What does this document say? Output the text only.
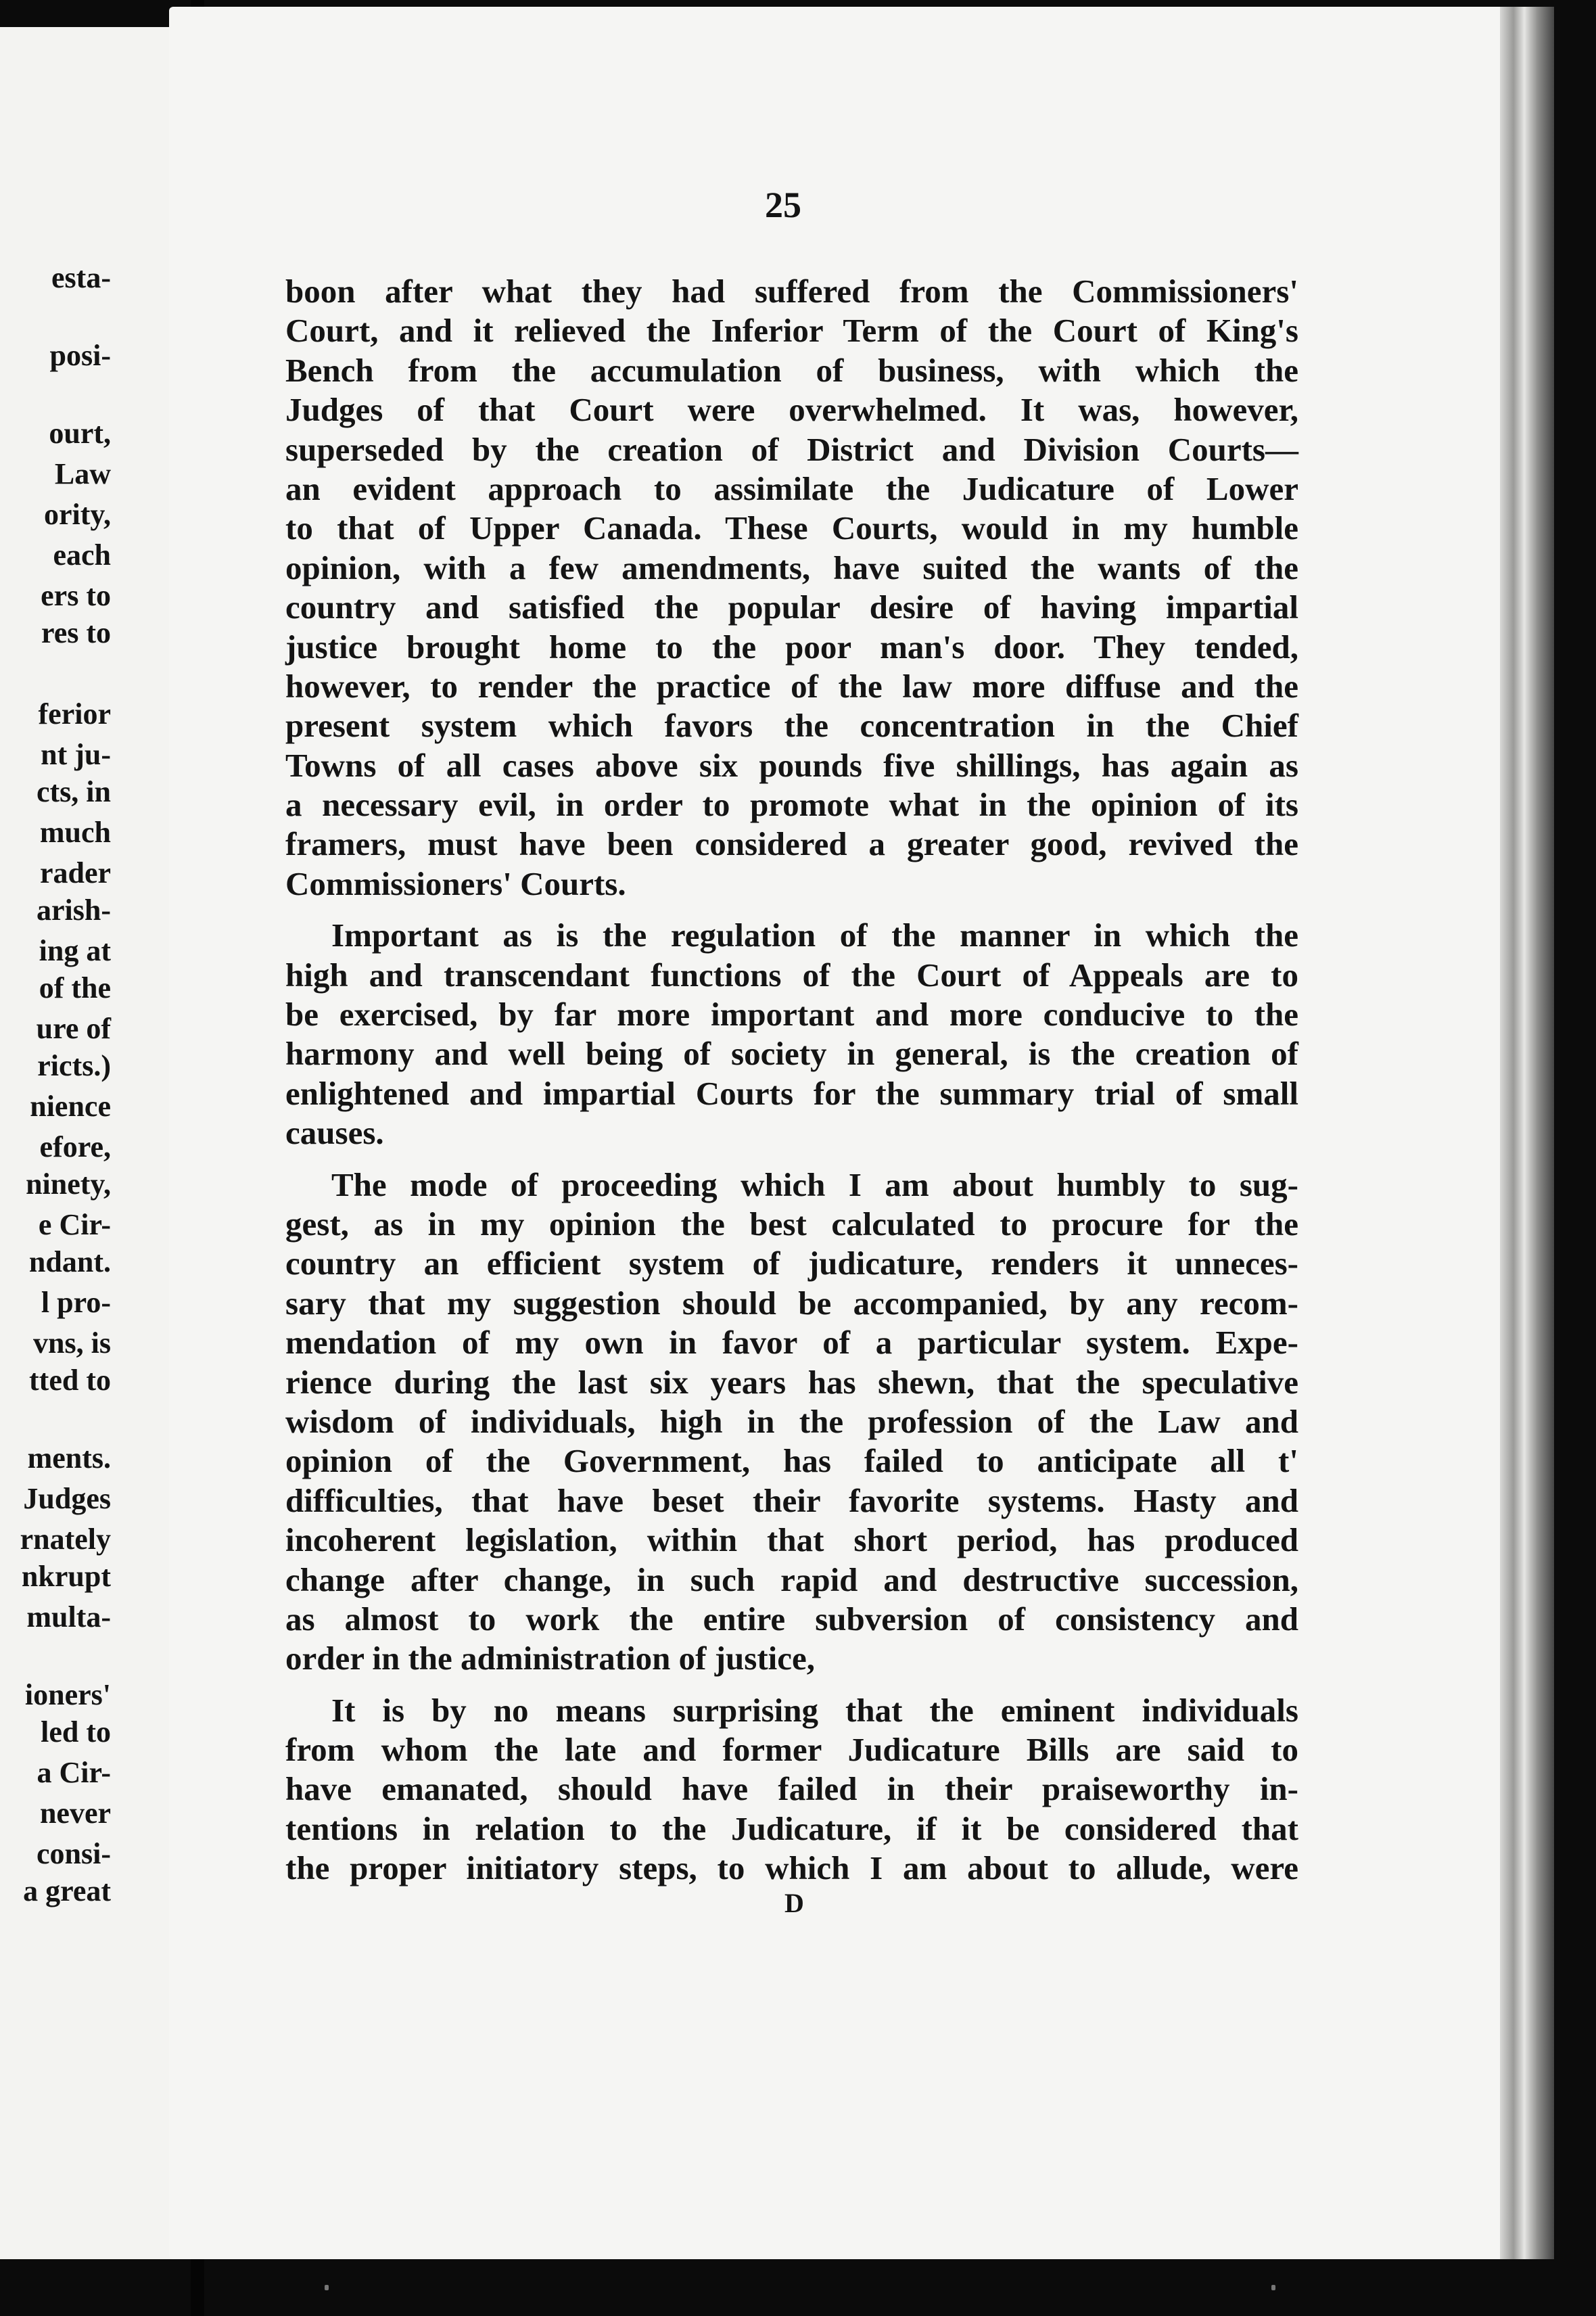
esta-
posi-
ourt,
Law
ority,
each
ers to
res to
ferior
nt ju-
cts, in
much
rader
arish-
ing at
of the
ure of
ricts.)
nience
efore,
ninety,
e Cir-
ndant.
l pro-
vns, is
tted to
ments.
Judges
rnately
nkrupt
multa-
ioners'
led to
a Cir-
never
consi-
a great
25
boon after what they had suffered from the Commissioners'
Court, and it relieved the Inferior Term of the Court of King's
Bench from the accumulation of business, with which the
Judges of that Court were overwhelmed. It was, however,
superseded by the creation of District and Division Courts—
an evident approach to assimilate the Judicature of Lower
to that of Upper Canada. These Courts, would in my humble
opinion, with a few amendments, have suited the wants of the
country and satisfied the popular desire of having impartial
justice brought home to the poor man's door. They tended,
however, to render the practice of the law more diffuse and the
present system which favors the concentration in the Chief
Towns of all cases above six pounds five shillings, has again as
a necessary evil, in order to promote what in the opinion of its
framers, must have been considered a greater good, revived the
Commissioners' Courts.
Important as is the regulation of the manner in which the
high and transcendant functions of the Court of Appeals are to
be exercised, by far more important and more conducive to the
harmony and well being of society in general, is the creation of
enlightened and impartial Courts for the summary trial of small
causes.
The mode of proceeding which I am about humbly to sug-
gest, as in my opinion the best calculated to procure for the
country an efficient system of judicature, renders it unneces-
sary that my suggestion should be accompanied, by any recom-
mendation of my own in favor of a particular system. Expe-
rience during the last six years has shewn, that the speculative
wisdom of individuals, high in the profession of the Law and
opinion of the Government, has failed to anticipate all t'
difficulties, that have beset their favorite systems. Hasty and
incoherent legislation, within that short period, has produced
change after change, in such rapid and destructive succession,
as almost to work the entire subversion of consistency and
order in the administration of justice,
It is by no means surprising that the eminent individuals
from whom the late and former Judicature Bills are said to
have emanated, should have failed in their praiseworthy in-
tentions in relation to the Judicature, if it be considered that
the proper initiatory steps, to which I am about to allude, were
D
